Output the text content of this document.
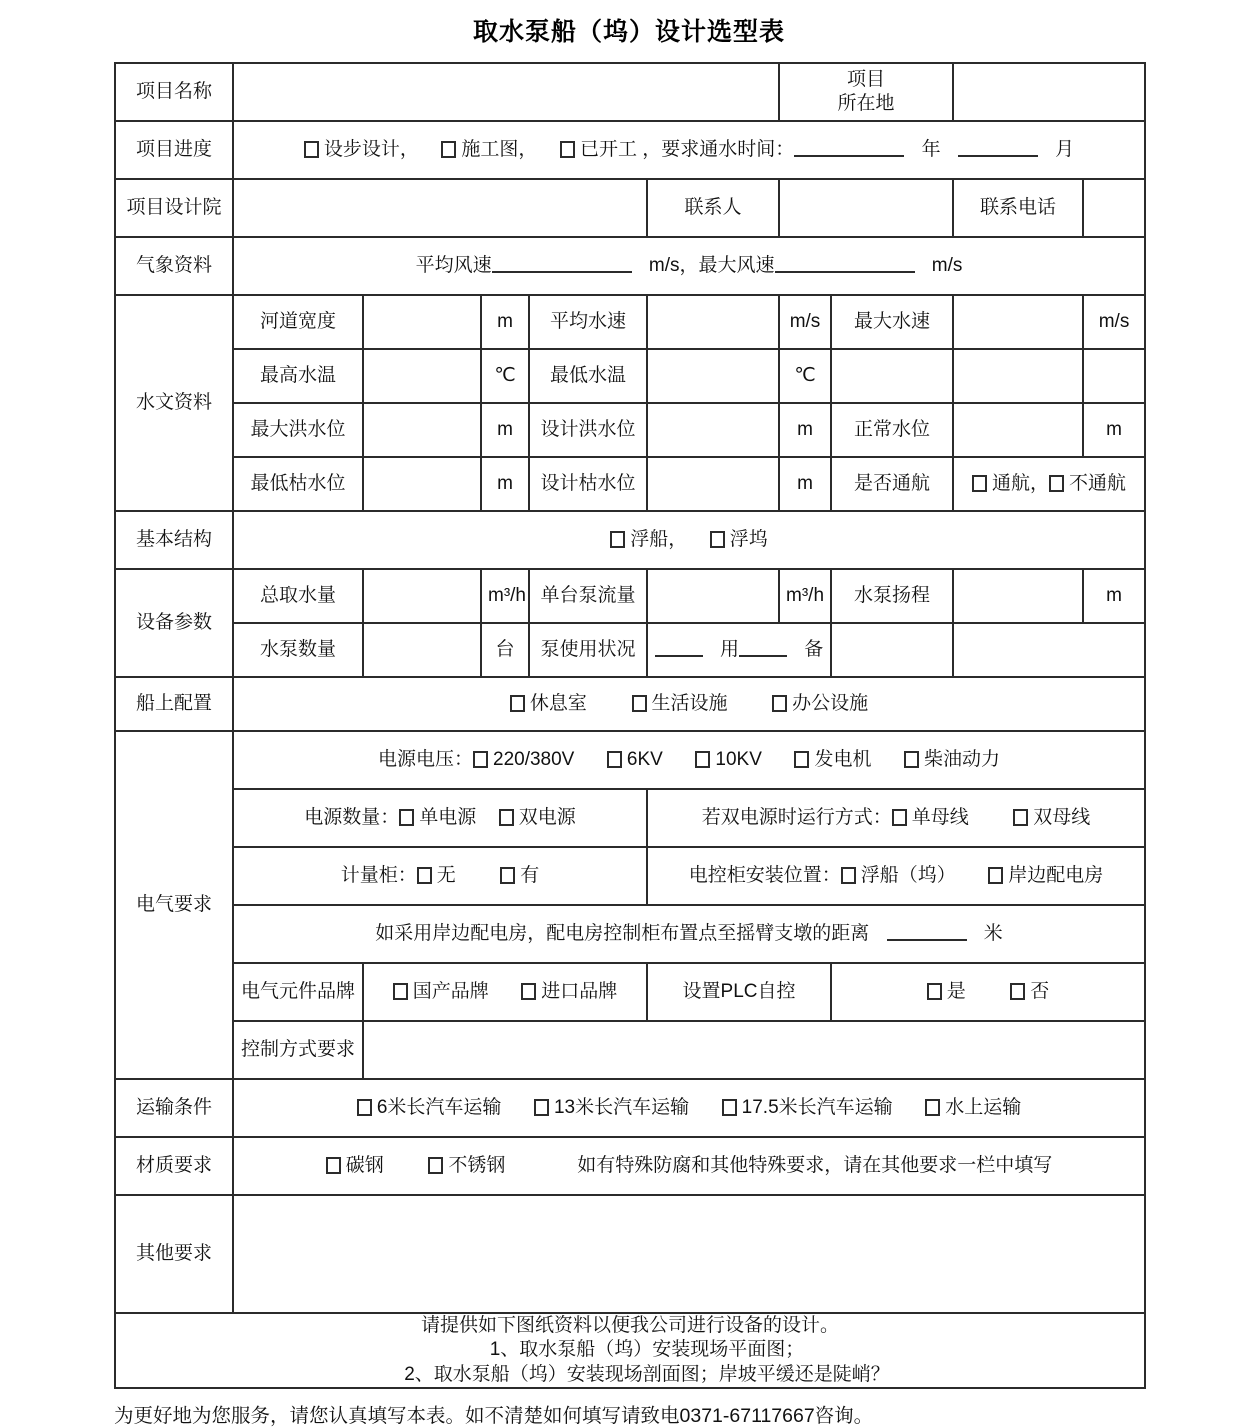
取水泵船（坞）设计选型表
项目名称						项目
所在地			

项目进度	设步设计， 施工图， 已开工 ，要求通水时间： 年 月								
项目设计院					联系人			联系电话	
气象资料	平均风速 m/s，最大风速 m/s								
水文资料	河道宽度		m	平均水速		m/s	最大水速		m/s
	最高水温		℃	最低水温		℃			
	最大洪水位		m	设计洪水位		m	正常水位		m
	最低枯水位		m	设计枯水位		m	是否通航	通航， 不通航	
基本结构	浮船， 浮坞								
设备参数	总取水量		m³/h	单台泵流量		m³/h	水泵扬程		m
	水泵数量		台	泵使用状况	用 备				
船上配置	休息室 生活设施 办公设施								
电气要求	电源电压： 220/380V 6KV 10KV 发电机 柴油动力								
	电源数量： 单电源 双电源				若双电源时运行方式： 单母线 双母线				
	计量柜： 无 有				电控柜安装位置： 浮船（坞） 岸边配电房				
	如采用岸边配电房，配电房控制柜布置点至摇臂支墩的距离 米								
	电气元件品牌	国产品牌 进口品牌			设置PLC自控		是 否		
	控制方式要求								
运输条件	6米长汽车运输 13米长汽车运输 17.5米长汽车运输 水上运输								
材质要求	碳钢 不锈钢 如有特殊防腐和其他特殊要求，请在其他要求一栏中填写								
其他要求									

请提供如下图纸资料以便我公司进行设备的设计。
1、取水泵船（坞）安装现场平面图；
2、取水泵船（坞）安装现场剖面图；岸坡平缓还是陡峭？									
为更好地为您服务，请您认真填写本表。如不清楚如何填写请致电0371-67117667咨询。
